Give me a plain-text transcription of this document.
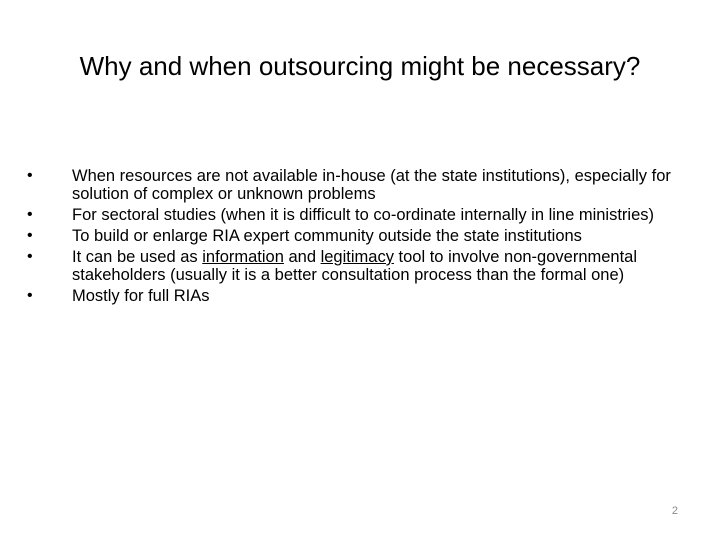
Why and when outsourcing might be necessary?
• When resources are not available in-house (at the state institutions), especially for solution of complex or unknown problems
• For sectoral studies (when it is difficult to co-ordinate internally in line ministries)
• To build or enlarge RIA expert community outside the state institutions
• It can be used as information and legitimacy tool to involve non-governmental stakeholders (usually it is a better consultation process than the formal one)
• Mostly for full RIAs
2
